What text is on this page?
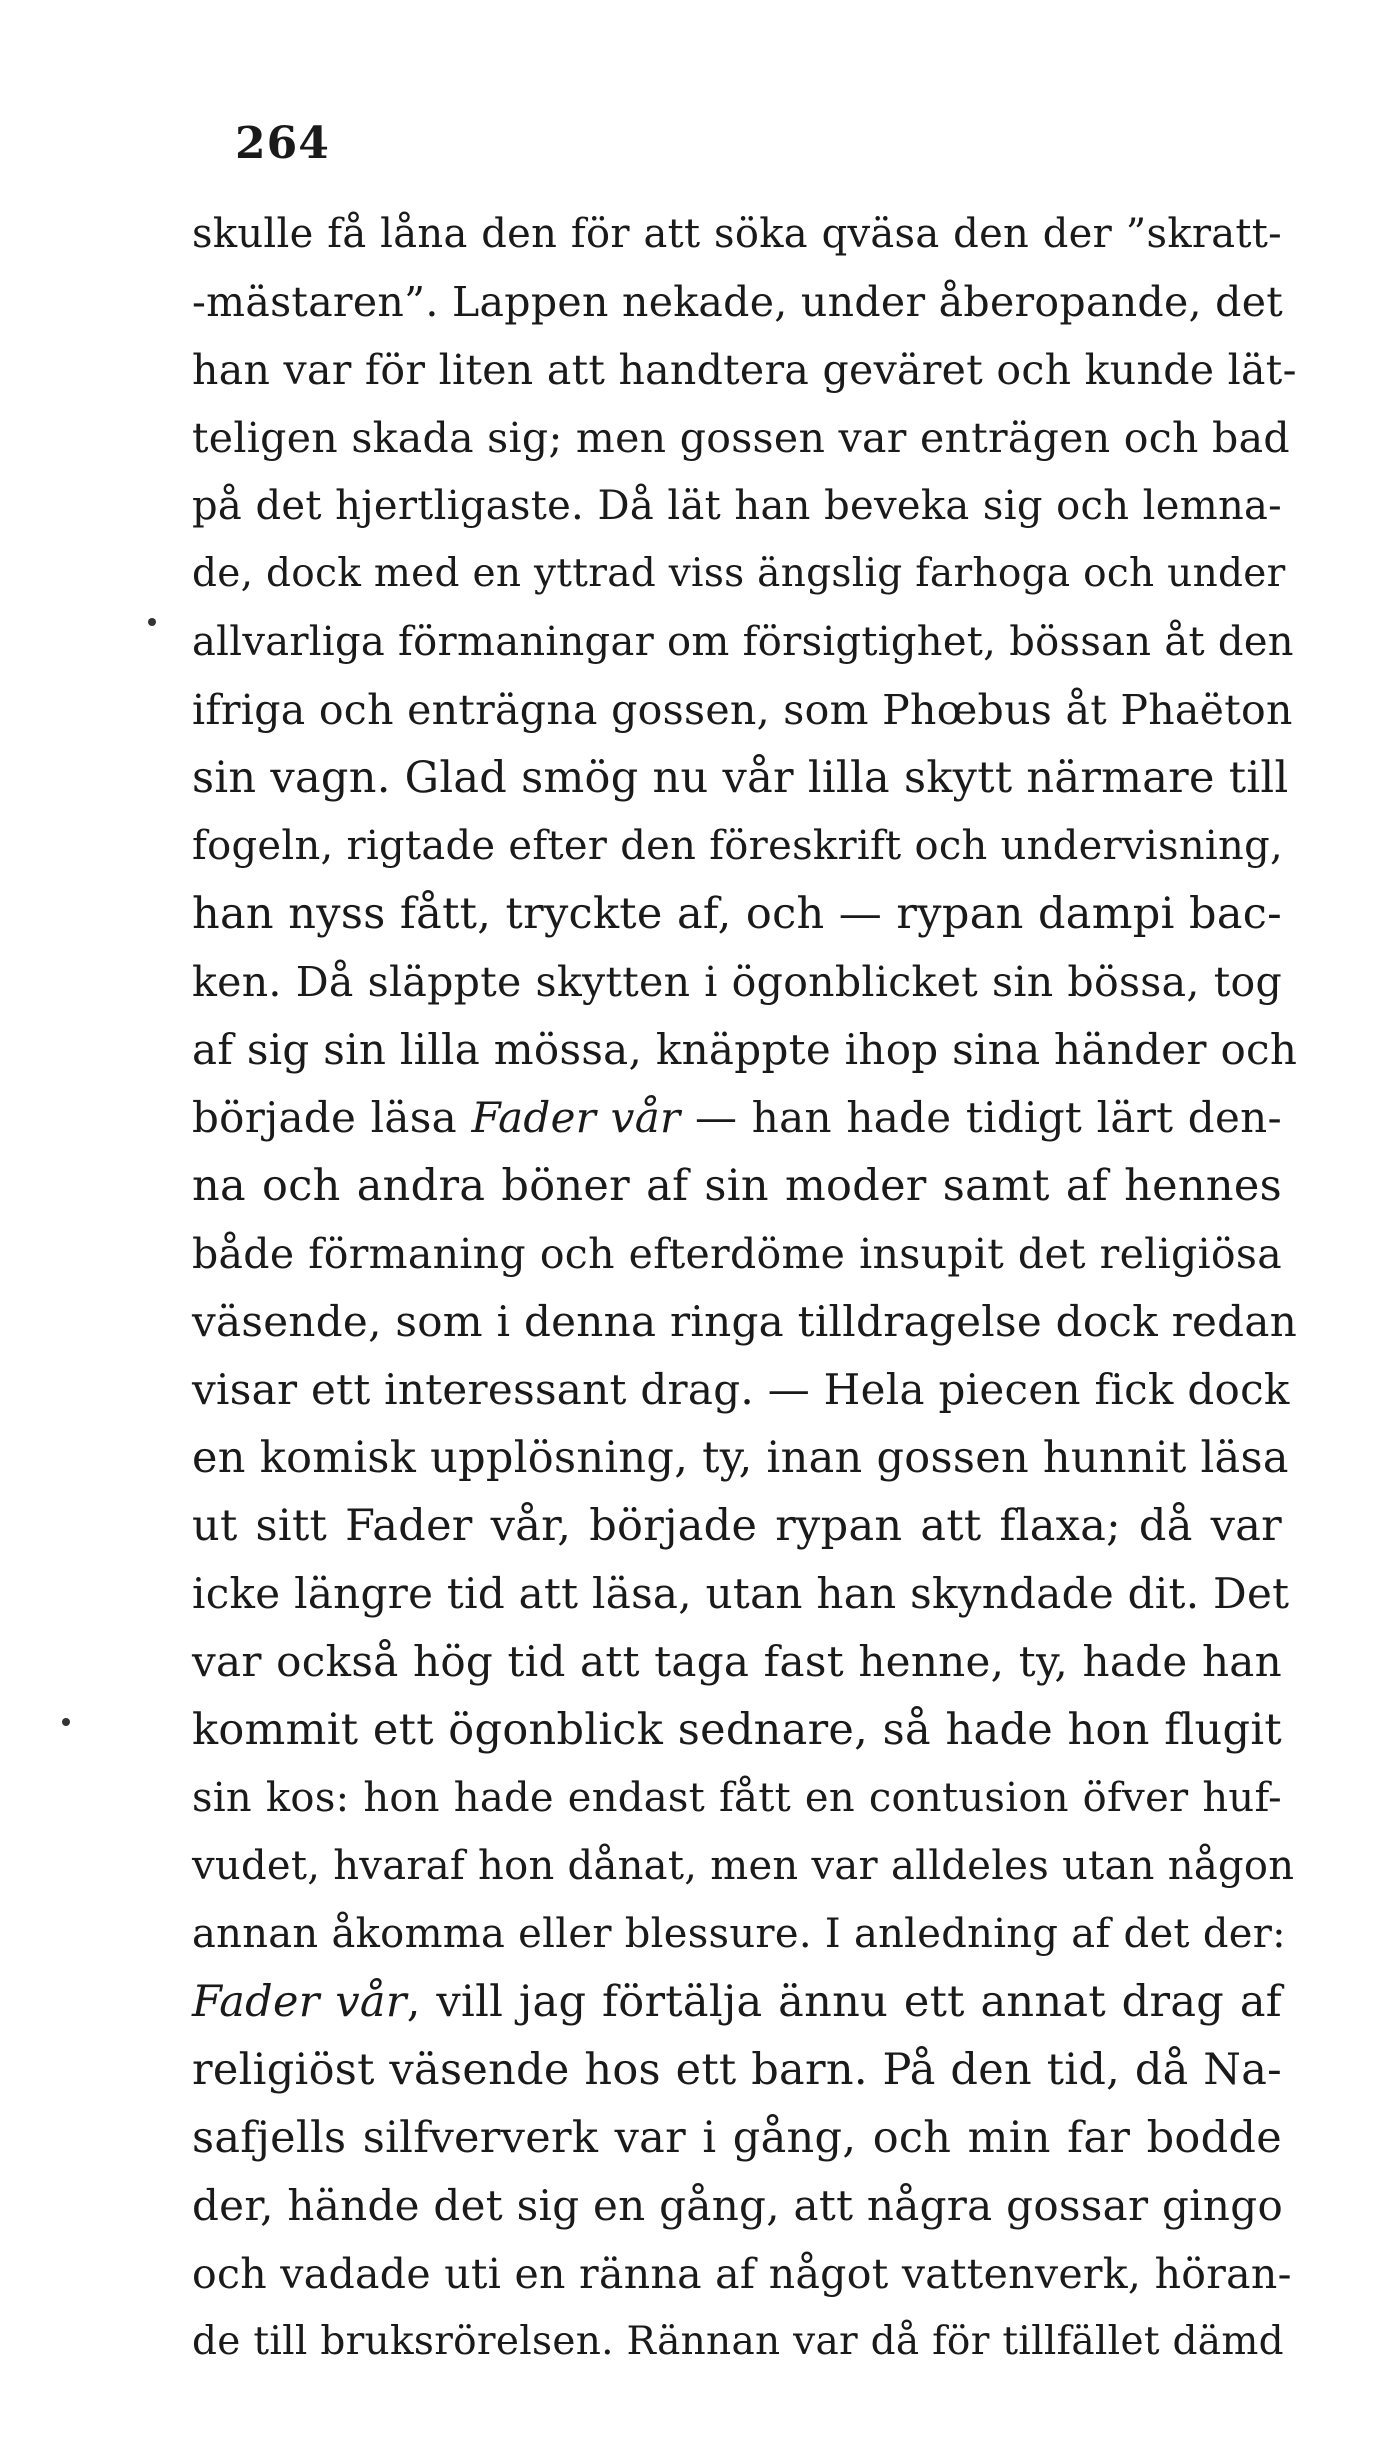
264
skulle få låna den för att söka qväsa den der ”skratt-
-mästaren”. Lappen nekade, under åberopande, det
han var för liten att handtera geväret och kunde lät-
teligen skada sig; men gossen var enträgen och bad
på det hjertligaste. Då lät han beveka sig och lemna-
de, dock med en yttrad viss ängslig farhoga och under
allvarliga förmaningar om försigtighet, bössan åt den
ifriga och enträgna gossen, som Phœbus åt Phaëton
sin vagn. Glad smög nu vår lilla skytt närmare till
fogeln, rigtade efter den föreskrift och undervisning,
han nyss fått, tryckte af, och — rypan dampi bac-
ken. Då släppte skytten i ögonblicket sin bössa, tog
af sig sin lilla mössa, knäppte ihop sina händer och
började läsa Fader vår — han hade tidigt lärt den-
na och andra böner af sin moder samt af hennes
både förmaning och efterdöme insupit det religiösa
väsende, som i denna ringa tilldragelse dock redan
visar ett interessant drag. — Hela piecen fick dock
en komisk upplösning, ty, inan gossen hunnit läsa
ut sitt Fader vår, började rypan att flaxa; då var
icke längre tid att läsa, utan han skyndade dit. Det
var också hög tid att taga fast henne, ty, hade han
kommit ett ögonblick sednare, så hade hon flugit
sin kos: hon hade endast fått en contusion öfver huf-
vudet, hvaraf hon dånat, men var alldeles utan någon
annan åkomma eller blessure. I anledning af det der:
Fader vår, vill jag förtälja ännu ett annat drag af
religiöst väsende hos ett barn. På den tid, då Na-
safjells silfververk var i gång, och min far bodde
der, hände det sig en gång, att några gossar gingo
och vadade uti en ränna af något vattenverk, höran-
de till bruksrörelsen. Rännan var då för tillfället dämd
